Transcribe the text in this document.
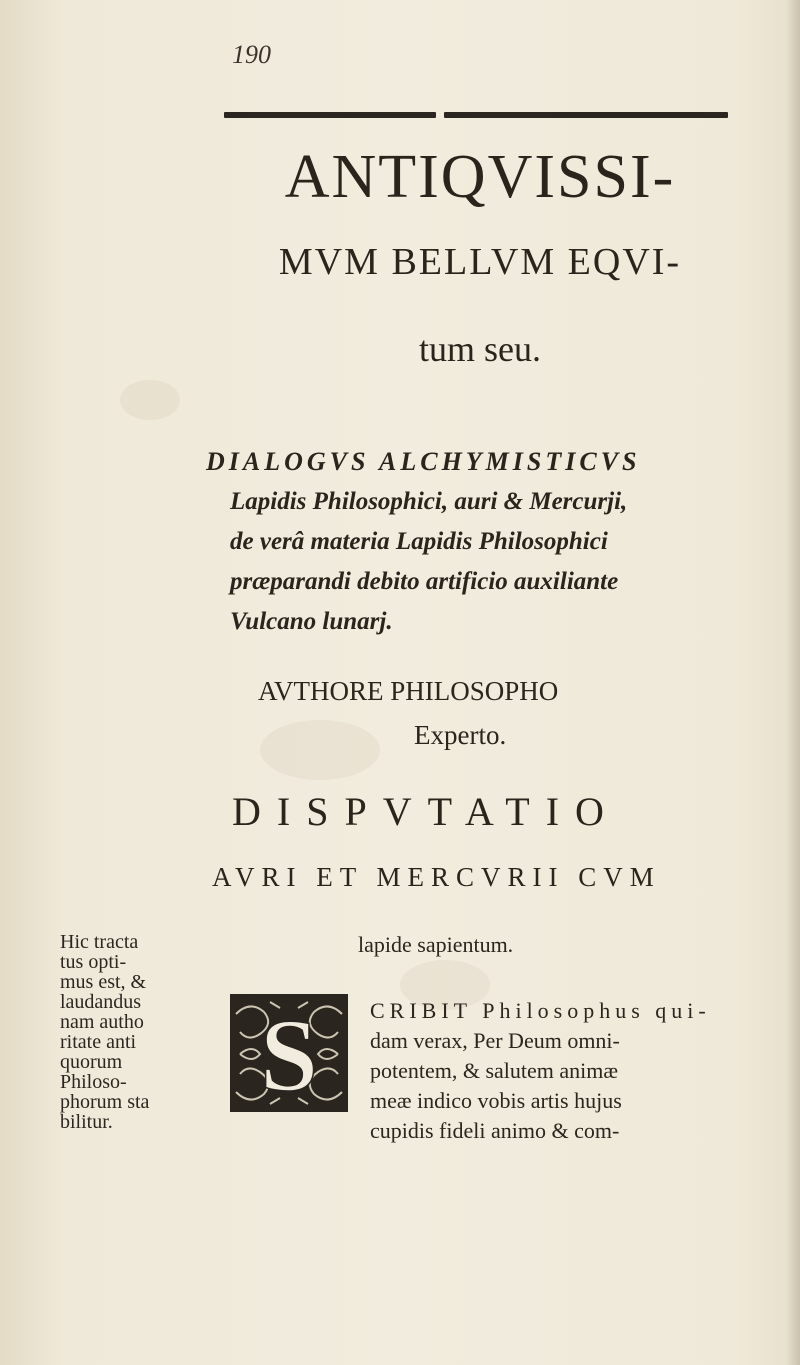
190
ANTIQVISSI-
MVM BELLVM EQVI-
tum seu.
DIALOGVS ALCHYMISTICVS
Lapidis Philosophici, auri & Mercurji,
de verâ materia Lapidis Philosophici
præparandi debito artificio auxiliante
Vulcano lunarj.
AVTHORE PHILOSOPHO
Experto.
DISPVTATIO
AVRI ET MERCVRII CVM
Hic tracta
tus opti-
mus est, &
laudandus
nam autho
ritate anti
quorum
Philoso-
phorum sta
bilitur.
lapide sapientum.
S CRIBIT Philosophus qui-
dam verax, Per Deum omni-
potentem, & salutem animæ
meæ indico vobis artis hujus
cupidis fideli animo & com-
